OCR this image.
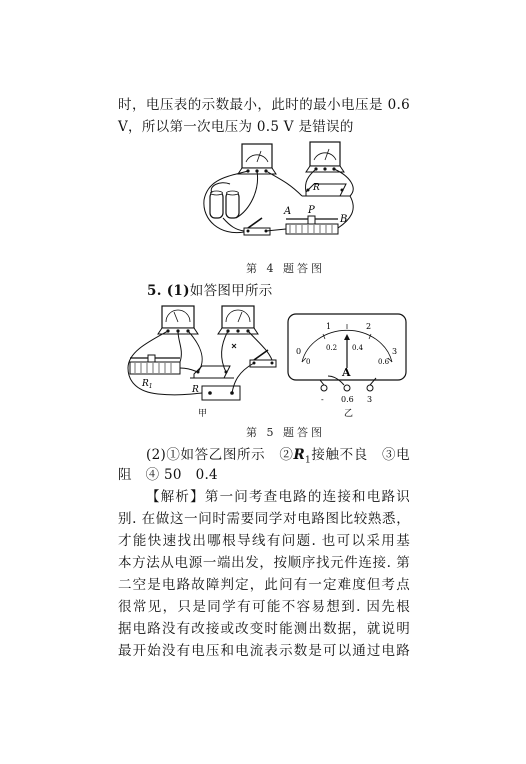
时，电压表的示数最小，此时的最小电压是 0.6
V，所以第一次电压为 0.5 V 是错误的
R
A P
B
第 4 题答图
5. (1)如答图甲所示
$R_1$	R
甲
0
1	2
3
0
0.2 0.4
0.6
A
- 0.6 3
乙
第 5 题答图
(2)①如答乙图所示　$②R_1$接触不良　③电
阻　④ 50　0.4
【解析】第一问考查电路的连接和电路识
别. 在做这一问时需要同学对电路图比较熟悉，
才能快速找出哪根导线有问题. 也可以采用基
本方法从电源一端出发，按顺序找元件连接. 第
二空是电路故障判定，此问有一定难度但考点
很常见，只是同学有可能不容易想到. 因先根
据电路没有改接或改变时能测出数据，就说明
最开始没有电压和电流表示数是可以通过电路
